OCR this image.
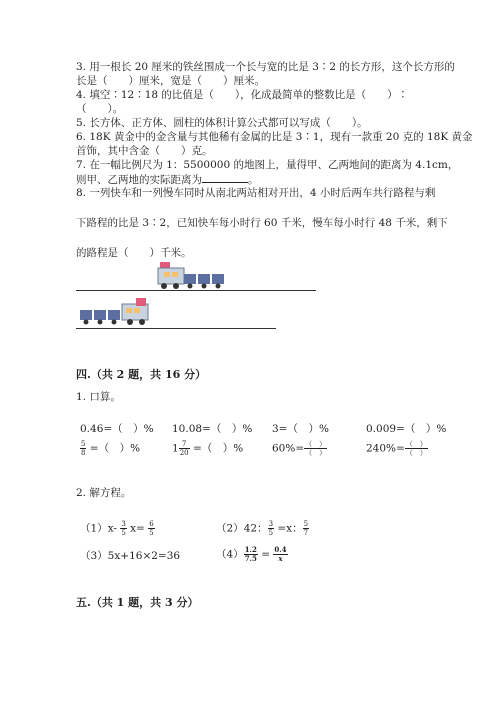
3. 用一根长 20 厘米的铁丝围成一个长与宽的比是 3∶2 的长方形，这个长方形的
长是（　　）厘米，宽是（　　）厘米。
4. 填空∶12∶18 的比值是（　　），化成最简单的整数比是（　　）∶
（　　）。
5. 长方体、正方体、圆柱的体积计算公式都可以写成（　　）。
6. 18K 黄金中的金含量与其他稀有金属的比是 3∶1，现有一款重 20 克的 18K 黄金
首饰，其中含金（　　）克。
7. 在一幅比例尺为 1：5500000 的地图上，量得甲、乙两地间的距离为 4.1cm，
则甲、乙两地的实际距离为	。
8. 一列快车和一列慢车同时从南北两站相对开出，4 小时后两车共行路程与剩
下路程的比是 3∶2，已知快车每小时行 60 千米，慢车每小时行 48 千米，剩下
的路程是（　　）千米。
四.（共 2 题，共 16 分）
1. 口算。
0.46=（　）% 10.08=（　）% 3=（　）%	0.009=（　）%
$\frac{5}{8}$ =（　）%	$1 \frac{7}{20}$ =（　）%	$60\%= \frac{( )}{( )}$	$240\%= \frac{( )}{( )}$
2. 解方程。
$(1)x- \frac{3}{5} x= \frac{6}{5}$	（2）42： $\frac{3}{5} =x$： $\frac{5}{7}$
（3）5x+16×2=36	$(4) \frac{1.2}{7.5} = \frac{0.4}{x}$
五.（共 1 题，共 3 分）
